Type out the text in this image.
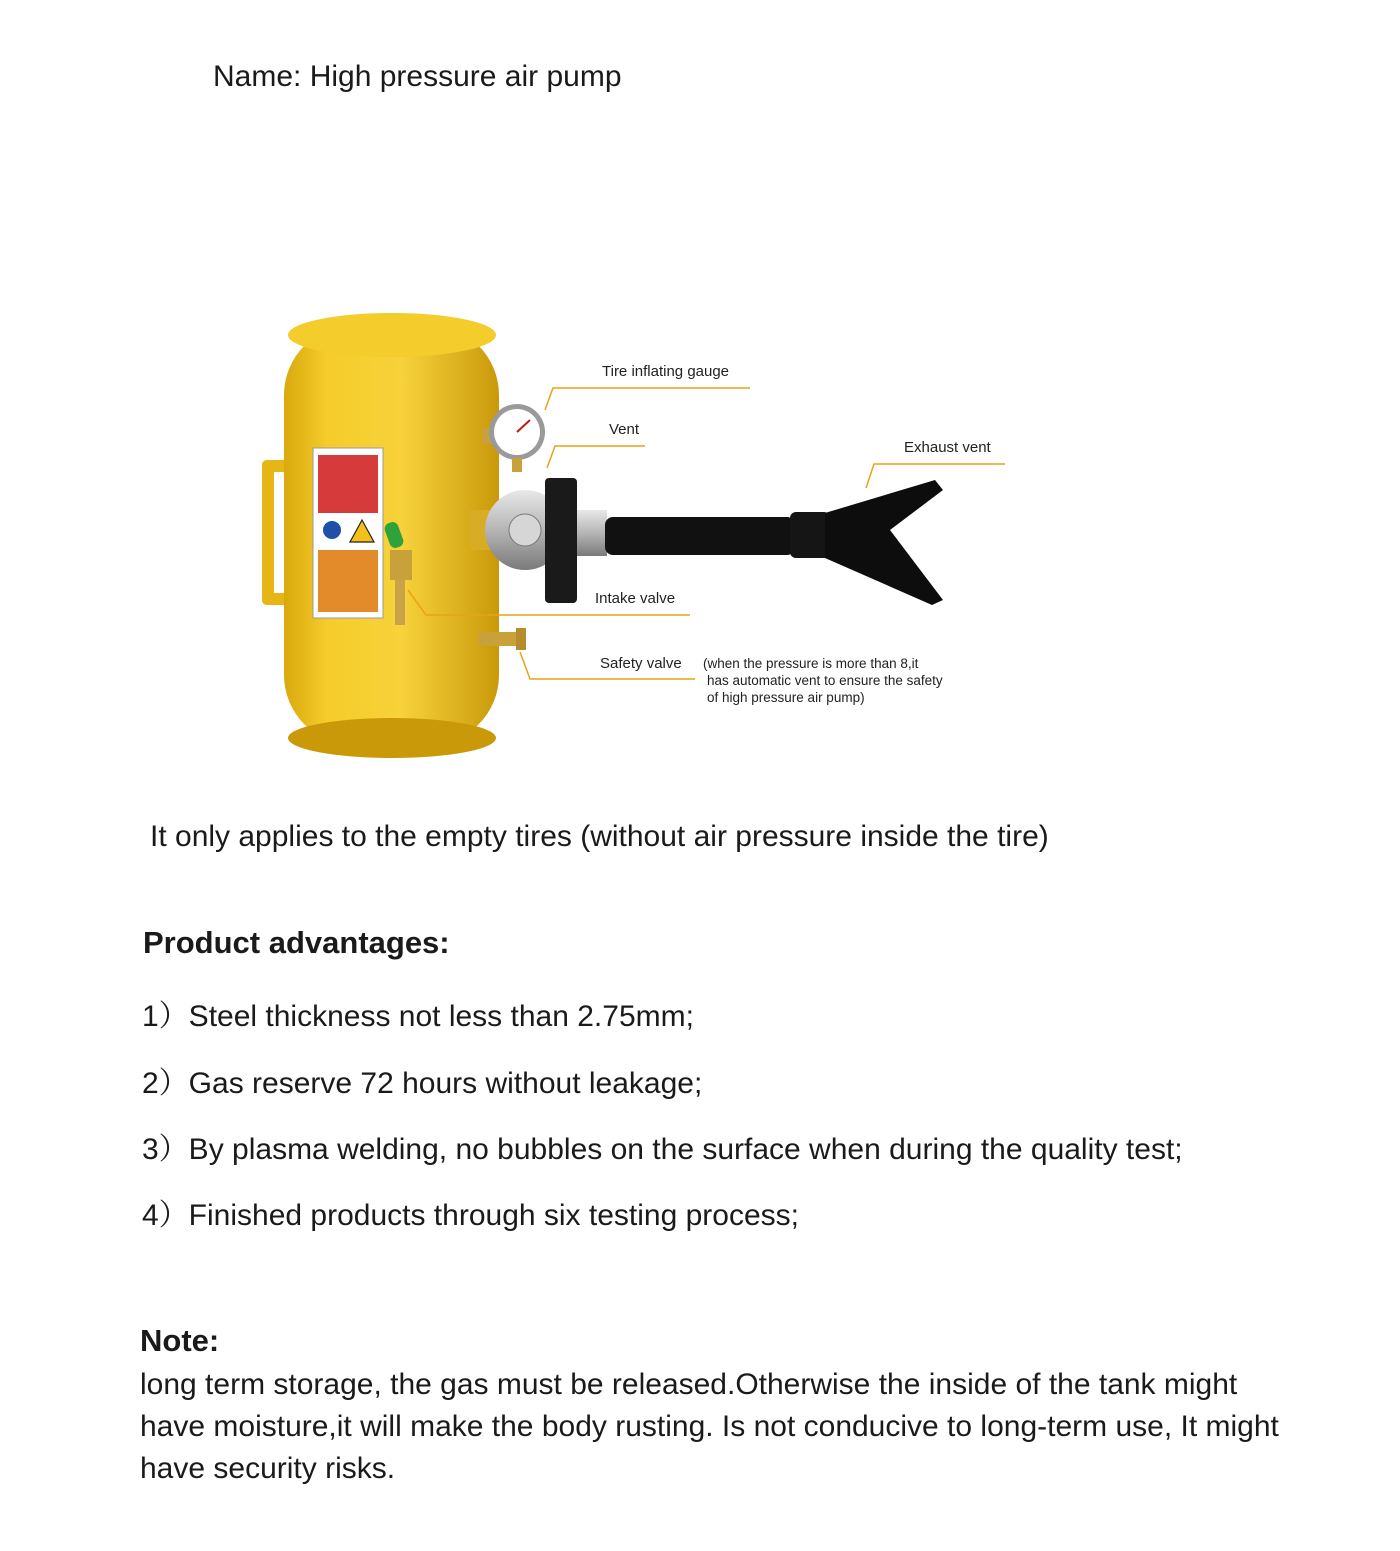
Name: High pressure air pump
Tire inflating gauge
Vent
Exhaust vent
Intake valve
Safety valve (when the pressure is more than 8,it
has automatic vent to ensure the safety
of high pressure air pump)
It only applies to the empty tires (without air pressure inside the tire)
Product advantages:
1）Steel thickness not less than 2.75mm;
2）Gas reserve 72 hours without leakage;
3）By plasma welding, no bubbles on the surface when during the quality test;
4）Finished products through six testing process;
Note:
long term storage, the gas must be released.Otherwise the inside of the tank might have moisture,it will make the body rusting. Is not conducive to long-term use, It might have security risks.
